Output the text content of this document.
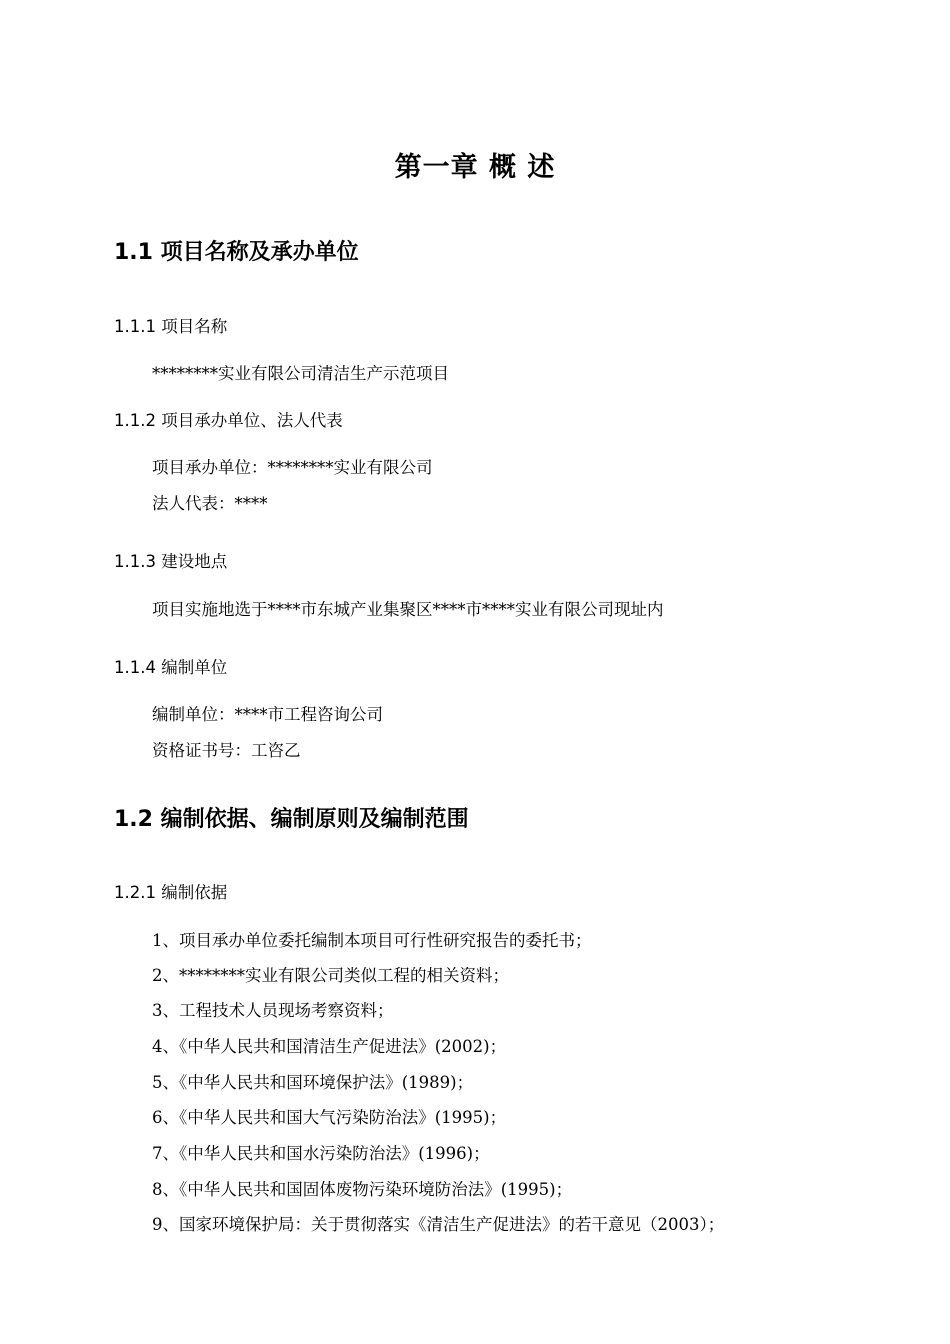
第一章 概 述
1.1 项目名称及承办单位
1.1.1 项目名称
********实业有限公司清洁生产示范项目
1.1.2 项目承办单位、法人代表
项目承办单位：********实业有限公司
法人代表：****
1.1.3 建设地点
项目实施地选于****市东城产业集聚区****市****实业有限公司现址内
1.1.4 编制单位
编制单位：****市工程咨询公司
资格证书号：工咨乙
1.2 编制依据、编制原则及编制范围
1.2.1 编制依据
1、项目承办单位委托编制本项目可行性研究报告的委托书；
2、********实业有限公司类似工程的相关资料；
3、工程技术人员现场考察资料；
4、《中华人民共和国清洁生产促进法》(2002)；
5、《中华人民共和国环境保护法》(1989)；
6、《中华人民共和国大气污染防治法》(1995)；
7、《中华人民共和国水污染防治法》(1996)；
8、《中华人民共和国固体废物污染环境防治法》(1995)；
9、国家环境保护局：关于贯彻落实《清洁生产促进法》的若干意见（2003）；
